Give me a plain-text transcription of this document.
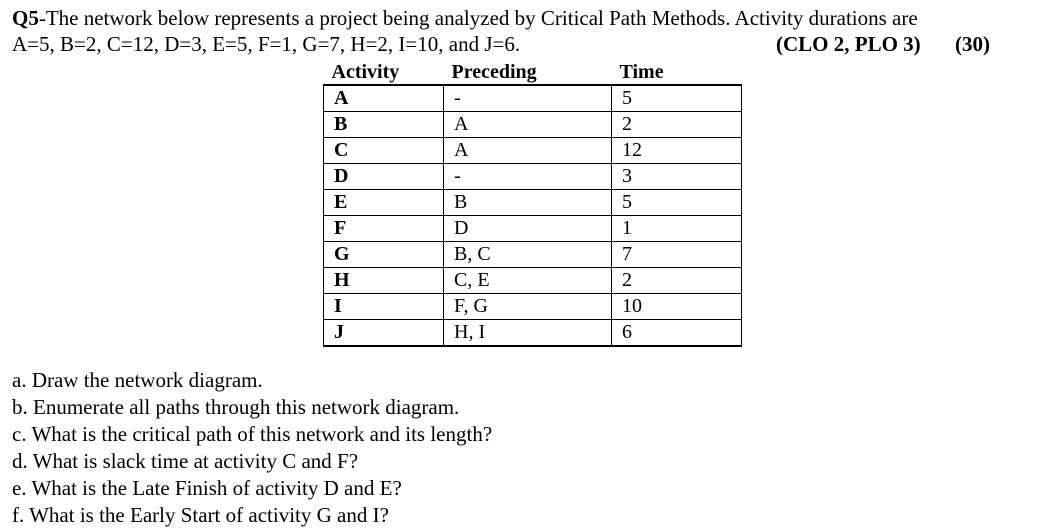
Q5-The network below represents a project being analyzed by Critical Path Methods. Activity durations are
A=5, B=2, C=12, D=3, E=5, F=1, G=7, H=2, I=10, and J=6.	(CLO 2, PLO 3) (30)
Activity	Preceding	Time
A	-	5
B	A	2
C	A	12
D	-	3
E	B	5
F	D	1
G	B, C	7
H	C, E	2
I	F, G	10
J	H, I	6
a. Draw the network diagram.
b. Enumerate all paths through this network diagram.
c. What is the critical path of this network and its length?
d. What is slack time at activity C and F?
e. What is the Late Finish of activity D and E?
f. What is the Early Start of activity G and I?
